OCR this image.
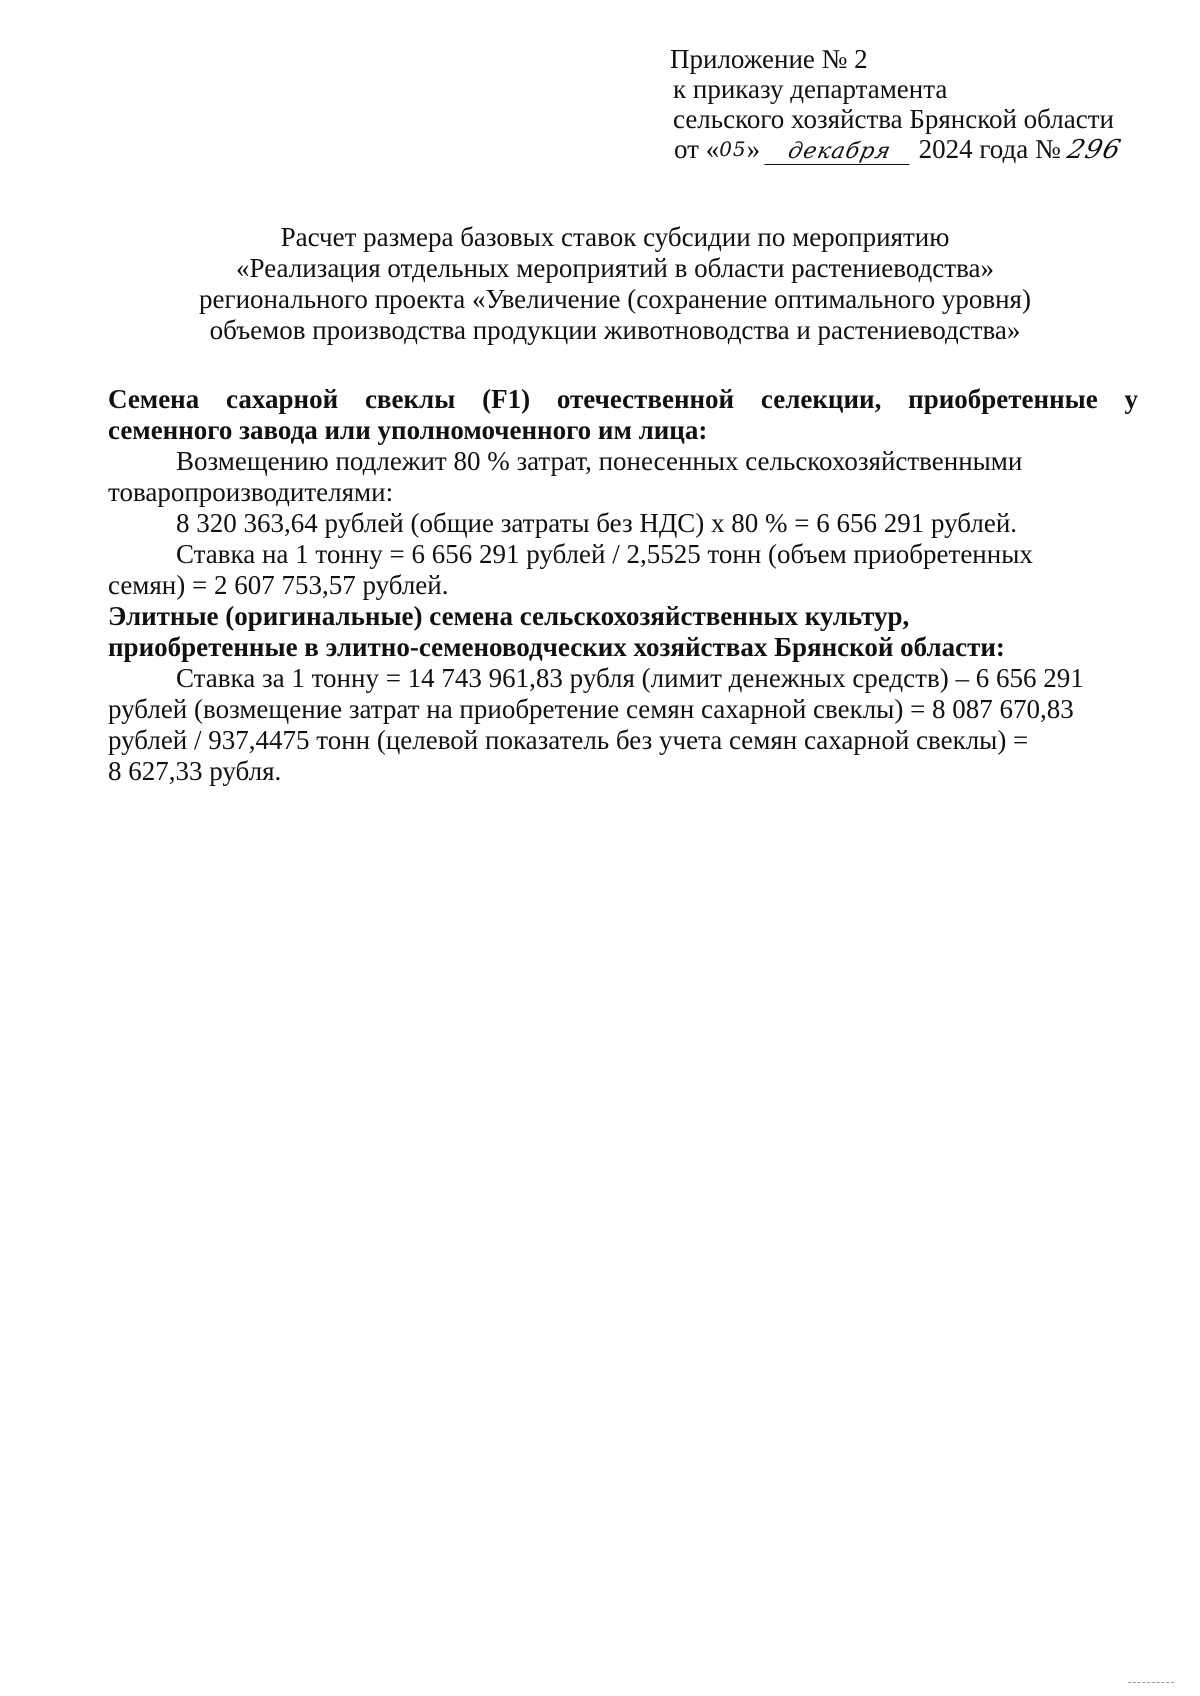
Приложение № 2
к приказу департамента
сельского хозяйства Брянской области
от «05» декабря 2024 года № 296
Расчет размера базовых ставок субсидии по мероприятию
«Реализация отдельных мероприятий в области растениеводства»
регионального проекта «Увеличение (сохранение оптимального уровня)
объемов производства продукции животноводства и растениеводства»
Семена сахарной свеклы (F1) отечественной селекции, приобретенные у
семенного завода или уполномоченного им лица:
Возмещению подлежит 80 % затрат, понесенных сельскохозяйственными
товаропроизводителями:
8 320 363,64 рублей (общие затраты без НДС) х 80 % = 6 656 291 рублей.
Ставка на 1 тонну = 6 656 291 рублей / 2,5525 тонн (объем приобретенных
семян) = 2 607 753,57 рублей.
Элитные (оригинальные) семена сельскохозяйственных культур,
приобретенные в элитно-семеноводческих хозяйствах Брянской области:
Ставка за 1 тонну = 14 743 961,83 рубля (лимит денежных средств) – 6 656 291
рублей (возмещение затрат на приобретение семян сахарной свеклы) = 8 087 670,83
рублей / 937,4475 тонн (целевой показатель без учета семян сахарной свеклы) =
8 627,33 рубля.
